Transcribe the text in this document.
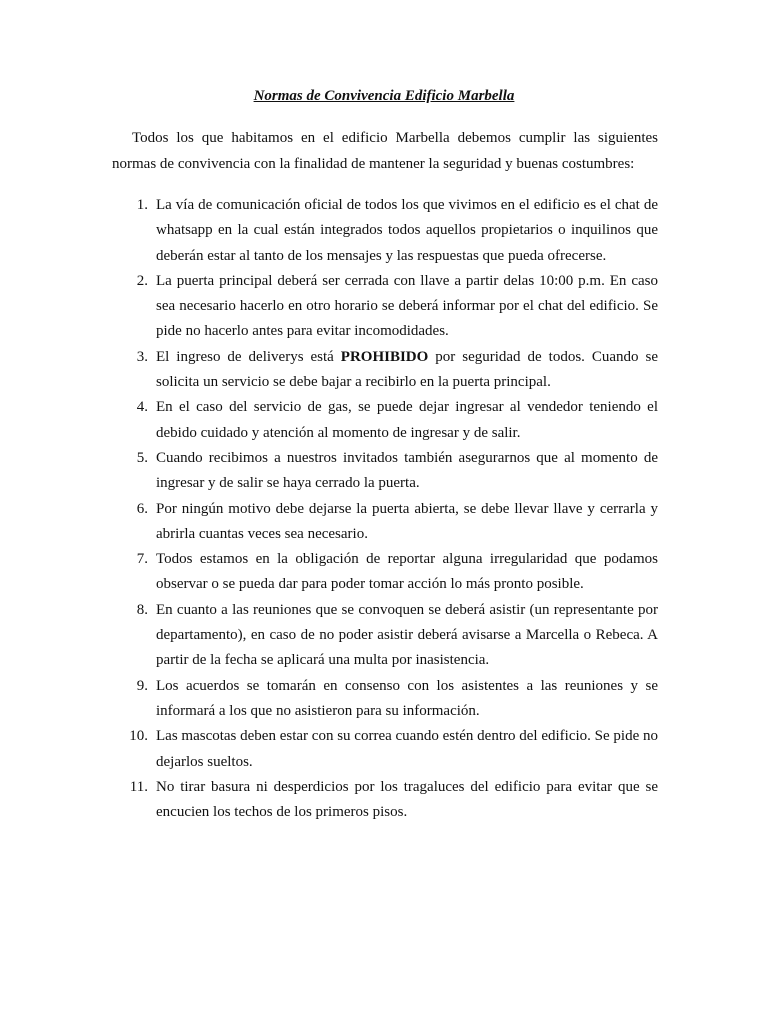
Normas de Convivencia Edificio Marbella

Todos los que habitamos en el edificio Marbella debemos cumplir las siguientes normas de convivencia con la finalidad de mantener la seguridad y buenas costumbres:

1. La vía de comunicación oficial de todos los que vivimos en el edificio es el chat de whatsapp en la cual están integrados todos aquellos propietarios o inquilinos que deberán estar al tanto de los mensajes y las respuestas que pueda ofrecerse.
2. La puerta principal deberá ser cerrada con llave a partir delas 10:00 p.m. En caso sea necesario hacerlo en otro horario se deberá informar por el chat del edificio. Se pide no hacerlo antes para evitar incomodidades.
3. El ingreso de deliverys está PROHIBIDO por seguridad de todos. Cuando se solicita un servicio se debe bajar a recibirlo en la puerta principal.
4. En el caso del servicio de gas, se puede dejar ingresar al vendedor teniendo el debido cuidado y atención al momento de ingresar y de salir.
5. Cuando recibimos a nuestros invitados también asegurarnos que al momento de ingresar y de salir se haya cerrado la puerta.
6. Por ningún motivo debe dejarse la puerta abierta, se debe llevar llave y cerrarla y abrirla cuantas veces sea necesario.
7. Todos estamos en la obligación de reportar alguna irregularidad que podamos observar o se pueda dar para poder tomar acción lo más pronto posible.
8. En cuanto a las reuniones que se convoquen se deberá asistir (un representante por departamento), en caso de no poder asistir deberá avisarse a Marcella o Rebeca. A partir de la fecha se aplicará una multa por inasistencia.
9. Los acuerdos se tomarán en consenso con los asistentes a las reuniones y se informará a los que no asistieron para su información.
10. Las mascotas deben estar con su correa cuando estén dentro del edificio. Se pide no dejarlos sueltos.
11. No tirar basura ni desperdicios por los tragaluces del edificio para evitar que se encucien los techos de los primeros pisos.
